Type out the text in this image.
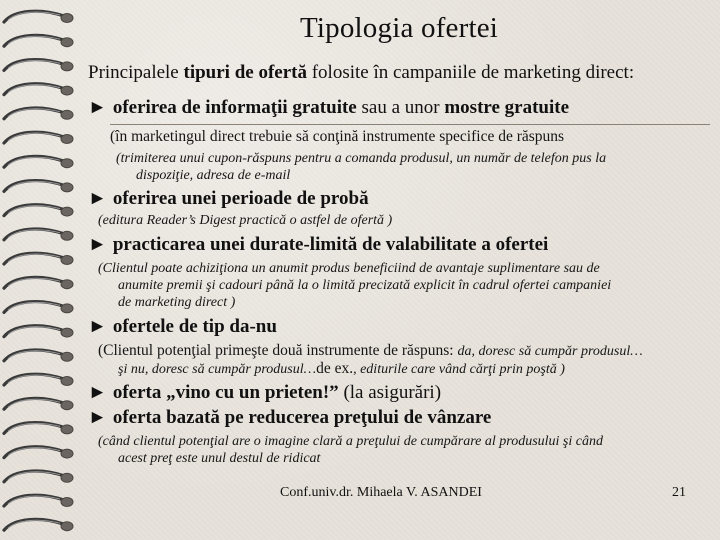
Tipologia ofertei
Principalele tipuri de ofertă folosite în campaniile de marketing direct:
► oferirea de informaţii gratuite sau a unor mostre gratuite
(în marketingul direct trebuie să conţină instrumente specifice de răspuns
(trimiterea unui cupon-răspuns pentru a comanda produsul, un număr de telefon pus la
dispoziţie, adresa de e-mail
► oferirea unei perioade de probă
(editura Reader’s Digest practică o astfel de ofertă )
► practicarea unei durate-limită de valabilitate a ofertei
(Clientul poate achiziţiona un anumit produs beneficiind de avantaje suplimentare sau de
anumite premii şi cadouri până la o limită precizată explicit în cadrul ofertei campaniei
de marketing direct )
► ofertele de tip da-nu
(Clientul potenţial primeşte două instrumente de răspuns: da, doresc să cumpăr produsul…
şi nu, doresc să cumpăr produsul…de ex., editurile care vând cărţi prin poştă )
► oferta „vino cu un prieten!” (la asigurări)
► oferta bazată pe reducerea preţului de vânzare
(când clientul potenţial are o imagine clară a preţului de cumpărare al produsului şi când
acest preţ este unul destul de ridicat
Conf.univ.dr. Mihaela V. ASANDEI	21
